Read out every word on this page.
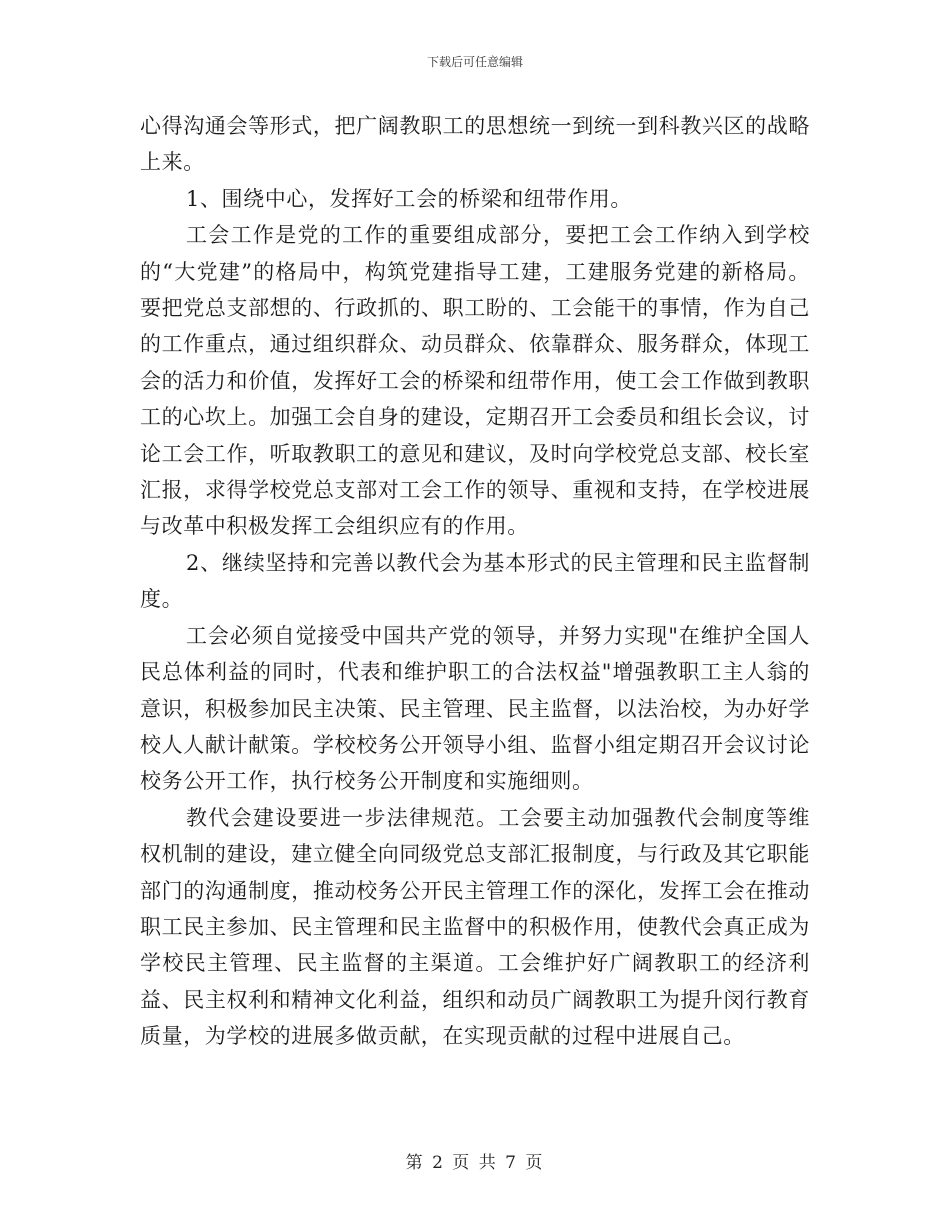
下载后可任意编辑

心得沟通会等形式，把广阔教职工的思想统一到统一到科教兴区的战略上来。

1、围绕中心，发挥好工会的桥梁和纽带作用。

工会工作是党的工作的重要组成部分，要把工会工作纳入到学校的“大党建”的格局中，构筑党建指导工建，工建服务党建的新格局。要把党总支部想的、行政抓的、职工盼的、工会能干的事情，作为自己的工作重点，通过组织群众、动员群众、依靠群众、服务群众，体现工会的活力和价值，发挥好工会的桥梁和纽带作用，使工会工作做到教职工的心坎上。加强工会自身的建设，定期召开工会委员和组长会议，讨论工会工作，听取教职工的意见和建议，及时向学校党总支部、校长室汇报，求得学校党总支部对工会工作的领导、重视和支持，在学校进展与改革中积极发挥工会组织应有的作用。

2、继续坚持和完善以教代会为基本形式的民主管理和民主监督制度。

工会必须自觉接受中国共产党的领导，并努力实现"在维护全国人民总体利益的同时，代表和维护职工的合法权益"增强教职工主人翁的意识，积极参加民主决策、民主管理、民主监督，以法治校，为办好学校人人献计献策。学校校务公开领导小组、监督小组定期召开会议讨论校务公开工作，执行校务公开制度和实施细则。

教代会建设要进一步法律规范。工会要主动加强教代会制度等维权机制的建设，建立健全向同级党总支部汇报制度，与行政及其它职能部门的沟通制度，推动校务公开民主管理工作的深化，发挥工会在推动职工民主参加、民主管理和民主监督中的积极作用，使教代会真正成为学校民主管理、民主监督的主渠道。工会维护好广阔教职工的经济利益、民主权利和精神文化利益，组织和动员广阔教职工为提升闵行教育质量，为学校的进展多做贡献，在实现贡献的过程中进展自己。

第 2 页 共 7 页
